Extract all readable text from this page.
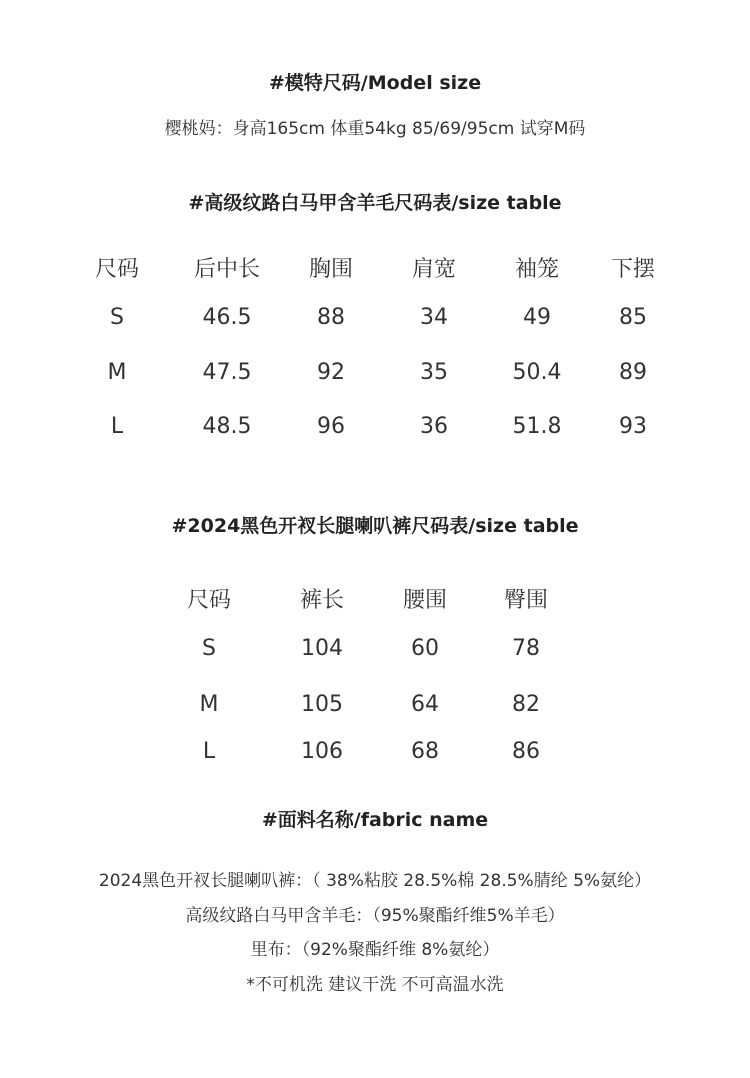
#模特尺码/Model size
樱桃妈：身高165cm 体重54kg 85/69/95cm 试穿M码
#高级纹路白马甲含羊毛尺码表/size table
尺码 后中长 胸围	肩宽	袖笼 下摆
S	46.5	88	34	49	85
M	47.5	92	35	50.4	89
L	48.5	96	36	51.8	93
#2024黑色开衩长腿喇叭裤尺码表/size table
尺码	裤长	腰围	臀围
S	104	60	78
M	105	64	82
L	106	68	86
#面料名称/fabric name
2024黑色开衩长腿喇叭裤：（ 38%粘胶 28.5%棉 28.5%腈纶 5%氨纶）
高级纹路白马甲含羊毛：（95%聚酯纤维5%羊毛）
里布：（92%聚酯纤维 8%氨纶）
*不可机洗 建议干洗 不可高温水洗
